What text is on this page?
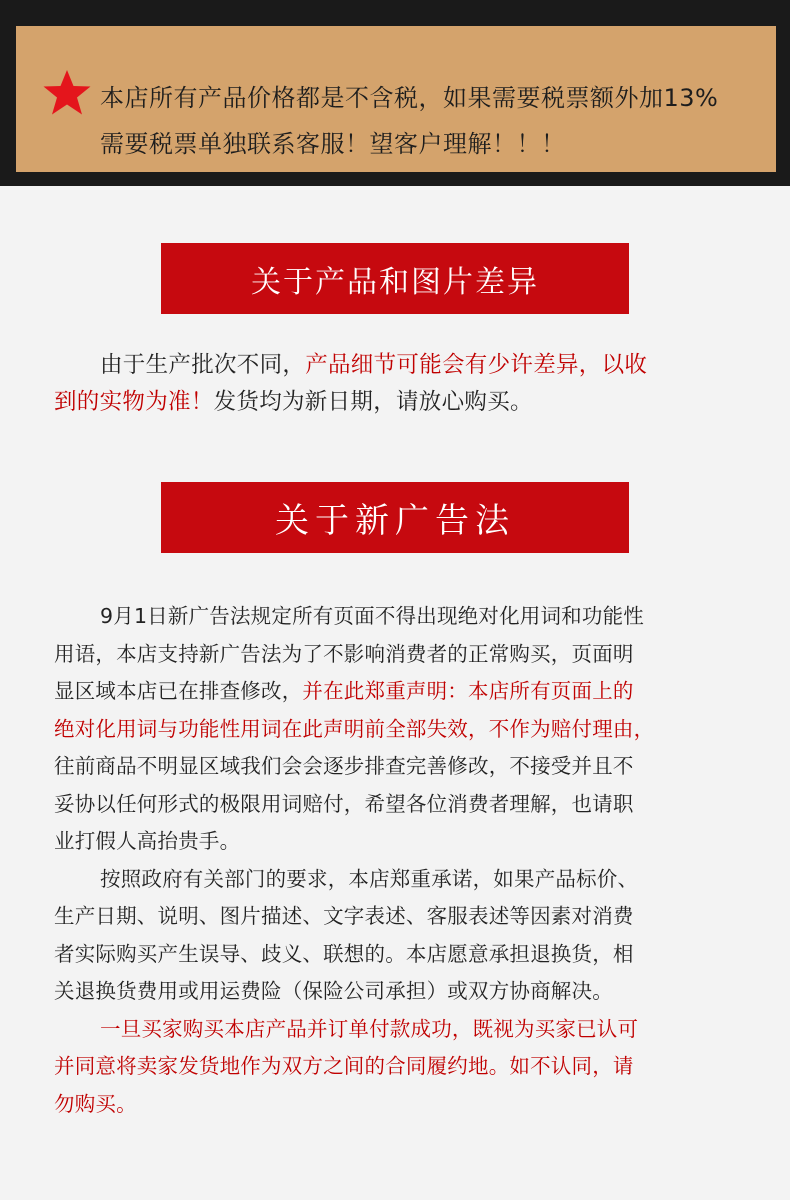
本店所有产品价格都是不含税，如果需要税票额外加13%
需要税票单独联系客服！望客户理解！！！
关于产品和图片差异
由于生产批次不同，产品细节可能会有少许差异，以收
到的实物为准！发货均为新日期，请放心购买。
关于新广告法
9月1日新广告法规定所有页面不得出现绝对化用词和功能性
用语，本店支持新广告法为了不影响消费者的正常购买，页面明
显区域本店已在排查修改，并在此郑重声明：本店所有页面上的
绝对化用词与功能性用词在此声明前全部失效，不作为赔付理由，
往前商品不明显区域我们会会逐步排查完善修改，不接受并且不
妥协以任何形式的极限用词赔付，希望各位消费者理解，也请职
业打假人高抬贵手。
按照政府有关部门的要求，本店郑重承诺，如果产品标价、
生产日期、说明、图片描述、文字表述、客服表述等因素对消费
者实际购买产生误导、歧义、联想的。本店愿意承担退换货，相
关退换货费用或用运费险（保险公司承担）或双方协商解决。
一旦买家购买本店产品并订单付款成功，既视为买家已认可
并同意将卖家发货地作为双方之间的合同履约地。如不认同，请
勿购买。
